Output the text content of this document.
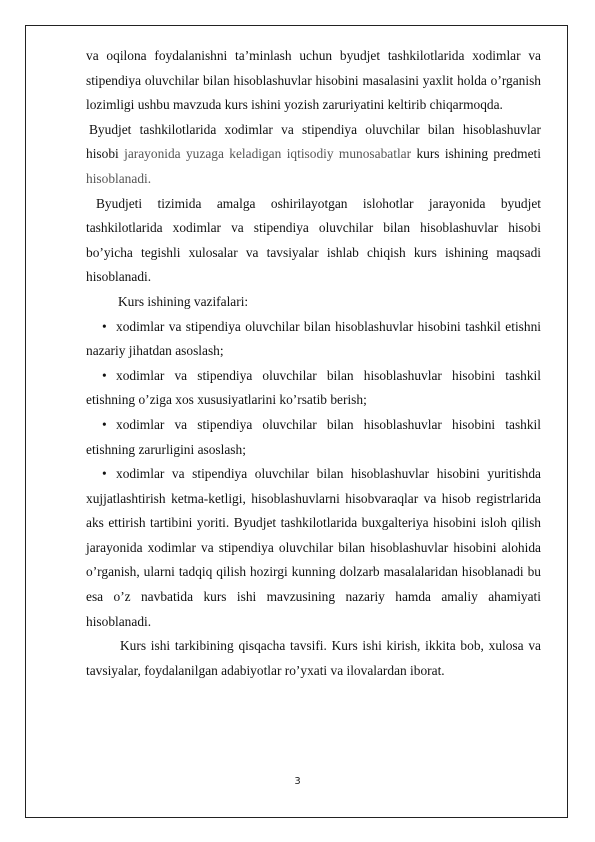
va oqilona foydalanishni ta’minlash uchun byudjet tashkilotlarida xodimlar va stipendiya oluvchilar bilan hisoblashuvlar hisobini masalasini yaxlit holda o’rganish lozimligi ushbu mavzuda kurs ishini yozish zaruriyatini keltirib chiqarmoqda.

Byudjet tashkilotlarida xodimlar va stipendiya oluvchilar bilan hisoblashuvlar hisobi jarayonida yuzaga keladigan iqtisodiy munosabatlar kurs ishining predmeti hisoblanadi.

Byudjeti tizimida amalga oshirilayotgan islohotlar jarayonida byudjet tashkilotlarida xodimlar va stipendiya oluvchilar bilan hisoblashuvlar hisobi bo’yicha tegishli xulosalar va tavsiyalar ishlab chiqish kurs ishining maqsadi hisoblanadi.

Kurs ishining vazifalari:

• xodimlar va stipendiya oluvchilar bilan hisoblashuvlar hisobini tashkil etishni nazariy jihatdan asoslash;

• xodimlar va stipendiya oluvchilar bilan hisoblashuvlar hisobini tashkil etishning o’ziga xos xususiyatlarini ko’rsatib berish;

• xodimlar va stipendiya oluvchilar bilan hisoblashuvlar hisobini tashkil etishning zarurligini asoslash;

• xodimlar va stipendiya oluvchilar bilan hisoblashuvlar hisobini yuritishda xujjatlashtirish ketma-ketligi, hisoblashuvlarni hisobvaraqlar va hisob registrlarida aks ettirish tartibini yoriti. Byudjet tashkilotlarida buxgalteriya hisobini isloh qilish jarayonida xodimlar va stipendiya oluvchilar bilan hisoblashuvlar hisobini alohida o’rganish, ularni tadqiq qilish hozirgi kunning dolzarb masalalaridan hisoblanadi bu esa o’z navbatida kurs ishi mavzusining nazariy hamda amaliy ahamiyati hisoblanadi.

Kurs ishi tarkibining qisqacha tavsifi. Kurs ishi kirish, ikkita bob, xulosa va tavsiyalar, foydalanilgan adabiyotlar ro’yxati va ilovalardan iborat.

3
